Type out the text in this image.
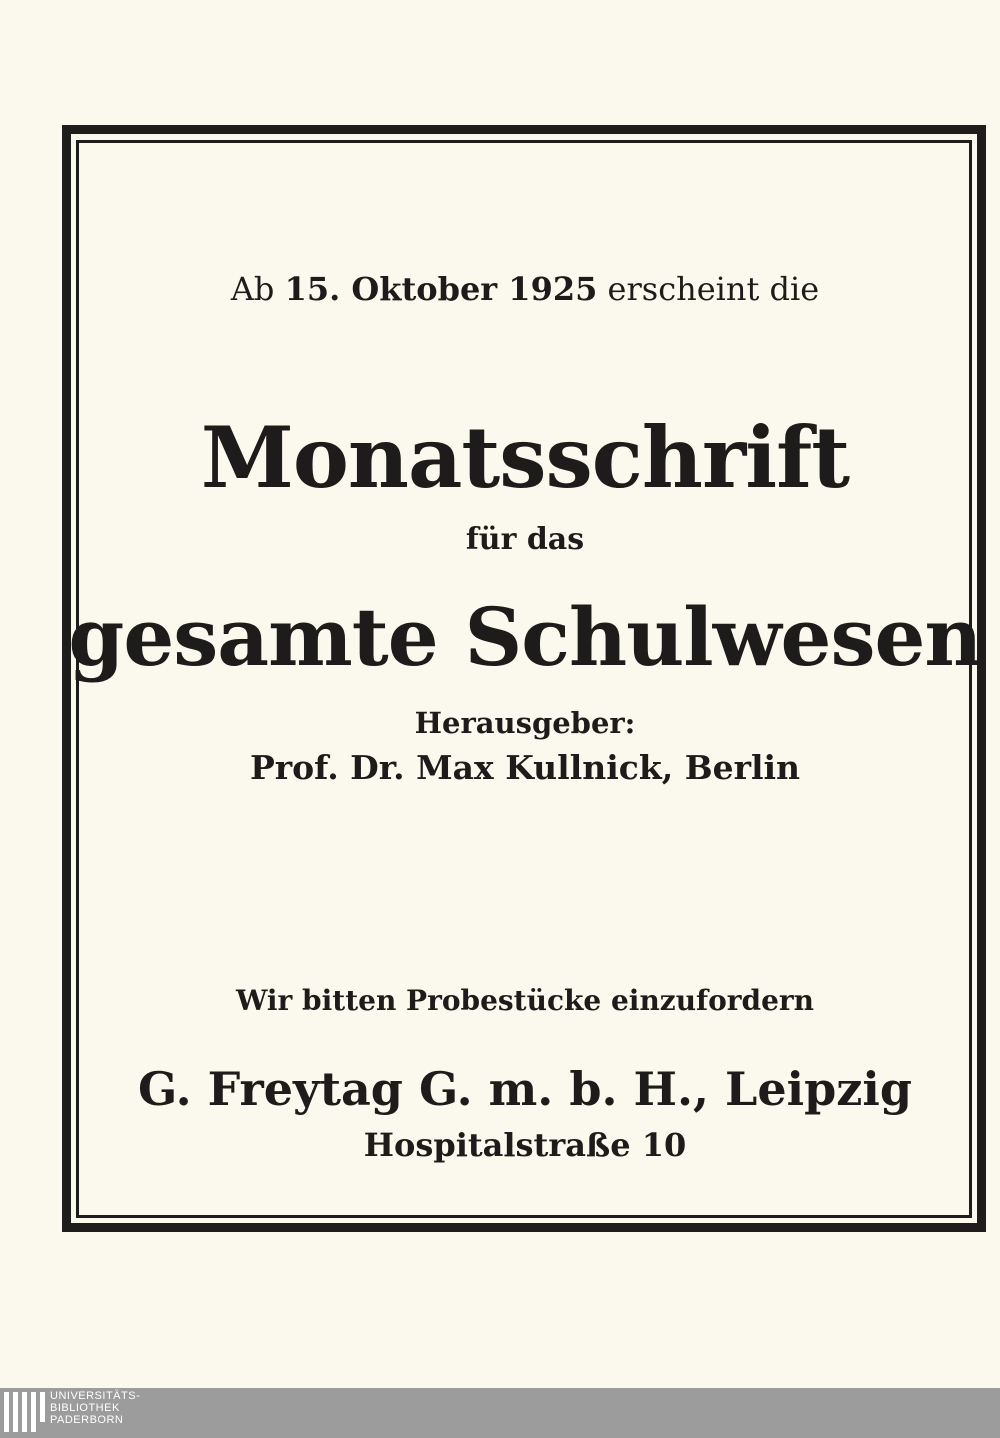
Ab 15. Oktober 1925 erscheint die
Monatsschrift
für das
gesamte Schulwesen
Herausgeber:
Prof. Dr. Max Kullnick, Berlin
Wir bitten Probestücke einzufordern
G. Freytag G. m. b. H., Leipzig
Hospitalstraße 10
UNIVERSITÄTS-
BIBLIOTHEK
PADERBORN
